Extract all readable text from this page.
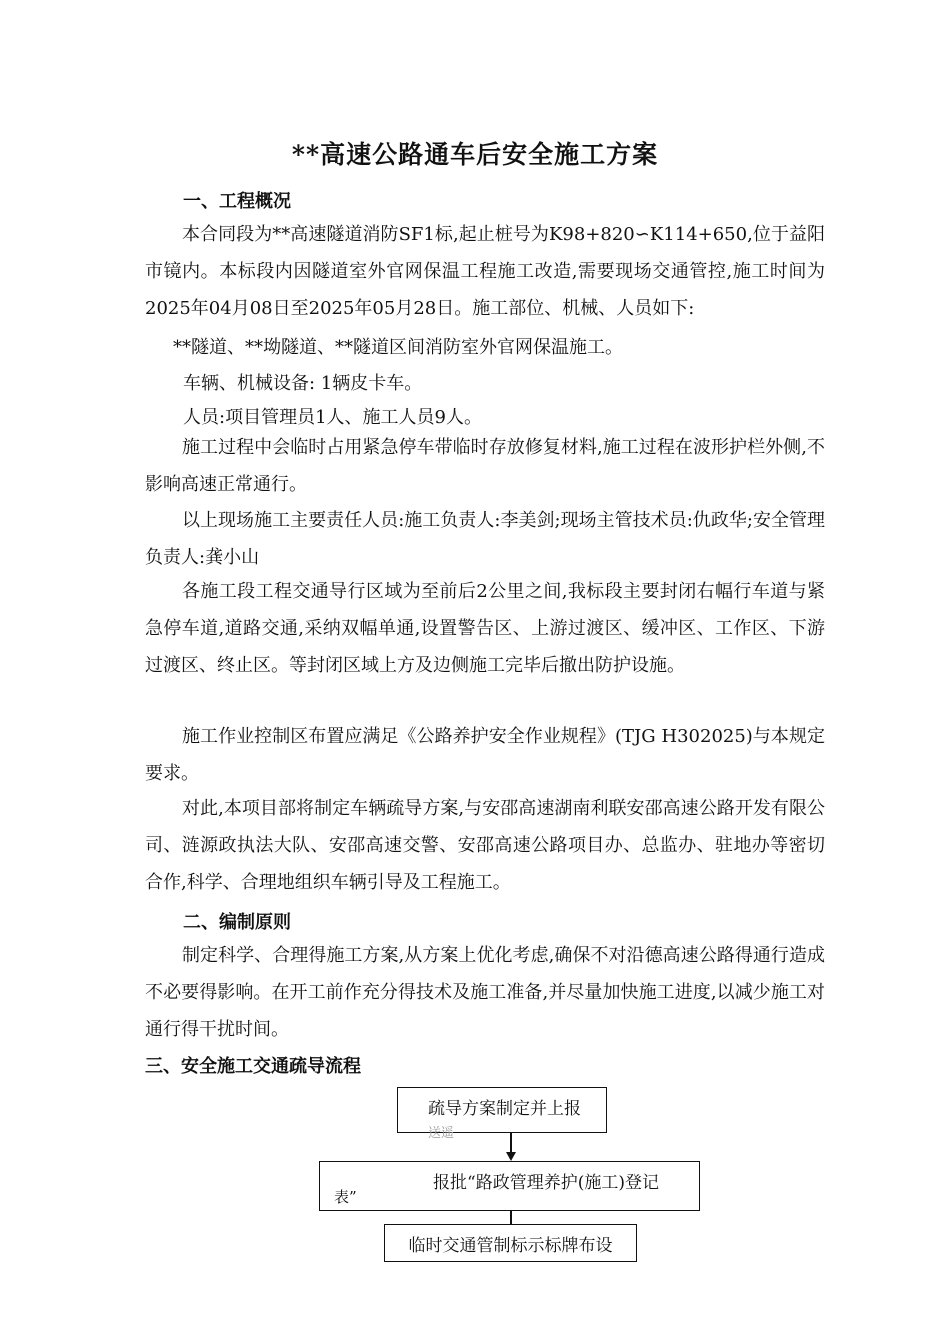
**高速公路通车后安全施工方案
一、工程概况

本合同段为**高速隧道消防SF1标,起止桩号为K98+820∽K114+650,位于益阳市镜内。本标段内因隧道室外官网保温工程施工改造,需要现场交通管控,施工时间为2025年04月08日至2025年05月28日。施工部位、机械、人员如下:

**隧道、**坳隧道、**隧道区间消防室外官网保温施工。
车辆、机械设备: 1辆皮卡车。
人员:项目管理员1人、施工人员9人。

施工过程中会临时占用紧急停车带临时存放修复材料,施工过程在波形护栏外侧,不影响高速正常通行。

以上现场施工主要责任人员:施工负责人:李美剑;现场主管技术员:仇政华;安全管理负责人:龚小山

各施工段工程交通导行区域为至前后2公里之间,我标段主要封闭右幅行车道与紧急停车道,道路交通,采纳双幅单通,设置警告区、上游过渡区、缓冲区、工作区、下游过渡区、终止区。等封闭区域上方及边侧施工完毕后撤出防护设施。

施工作业控制区布置应满足《公路养护安全作业规程》(TJG H302025)与本规定要求。

对此,本项目部将制定车辆疏导方案,与安邵高速湖南利联安邵高速公路开发有限公司、涟源政执法大队、安邵高速交警、安邵高速公路项目办、总监办、驻地办等密切合作,科学、合理地组织车辆引导及工程施工。

二、编制原则

制定科学、合理得施工方案,从方案上优化考虑,确保不对沿德高速公路得通行造成不必要得影响。在开工前作充分得技术及施工准备,并尽量加快施工进度,以减少施工对通行得干扰时间。

三、安全施工交通疏导流程
疏导方案制定并上报
送遥
报批“路政管理养护(施工)登记
表”
临时交通管制标示标牌布设
